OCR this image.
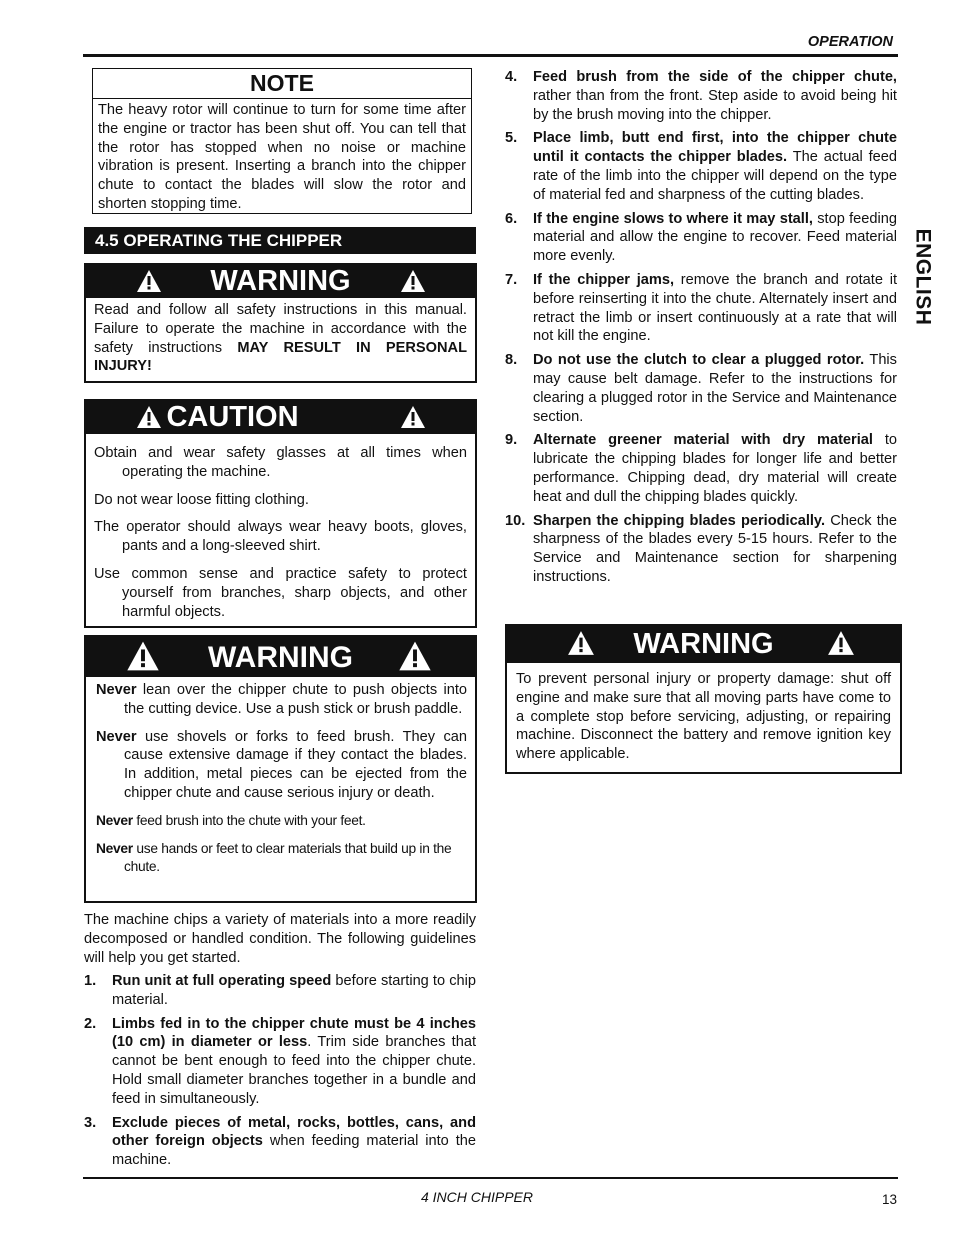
OPERATION
ENGLISH
NOTE
The heavy rotor will continue to turn for some time after the engine or tractor has been shut off. You can tell that the rotor has stopped when no noise or machine vibration is present. Inserting a branch into the chipper chute to contact the blades will slow the rotor and shorten stopping time.
4.5 OPERATING THE CHIPPER
WARNING
Read and follow all safety instructions in this manual. Failure to operate the machine in accordance with the safety instructions MAY RESULT IN PERSONAL INJURY!
CAUTION

Obtain and wear safety glasses at all times when operating the machine.

Do not wear loose fitting clothing.

The operator should always wear heavy boots, gloves, pants and a long-sleeved shirt.

Use common sense and practice safety to protect yourself from branches, sharp objects, and other harmful objects.

WARNING

Never lean over the chipper chute to push objects into the cutting device. Use a push stick or brush paddle.

Never use shovels or forks to feed brush. They can cause extensive damage if they contact the blades. In addition, metal pieces can be ejected from the chipper chute and cause serious injury or death.

Never feed brush into the chute with your feet.

Never use hands or feet to clear materials that build up in the chute.

The machine chips a variety of materials into a more readily decomposed or handled condition. The following guidelines will help you get started.
1. Run unit at full operating speed before starting to chip material.
2. Limbs fed in to the chipper chute must be 4 inches (10 cm) in diameter or less. Trim side branches that cannot be bent enough to feed into the chipper chute. Hold small diameter branches together in a bundle and feed in simultaneously.
3. Exclude pieces of metal, rocks, bottles, cans, and other foreign objects when feeding material into the machine.
4. Feed brush from the side of the chipper chute, rather than from the front. Step aside to avoid being hit by the brush moving into the chipper.
5. Place limb, butt end first, into the chipper chute until it contacts the chipper blades. The actual feed rate of the limb into the chipper will depend on the type of material fed and sharpness of the cutting blades.
6. If the engine slows to where it may stall, stop feeding material and allow the engine to recover. Feed material more evenly.
7. If the chipper jams, remove the branch and rotate it before reinserting it into the chute. Alternately insert and retract the limb or insert continuously at a rate that will not kill the engine.
8. Do not use the clutch to clear a plugged rotor. This may cause belt damage. Refer to the instructions for clearing a plugged rotor in the Service and Maintenance section.
9. Alternate greener material with dry material to lubricate the chipping blades for longer life and better performance. Chipping dead, dry material will create heat and dull the chipping blades quickly.
10. Sharpen the chipping blades periodically. Check the sharpness of the blades every 5-15 hours. Refer to the Service and Maintenance section for sharpening instructions.
WARNING
To prevent personal injury or property damage: shut off engine and make sure that all moving parts have come to a complete stop before servicing, adjusting, or repairing machine. Disconnect the battery and remove ignition key where applicable.
4 INCH CHIPPER	13
